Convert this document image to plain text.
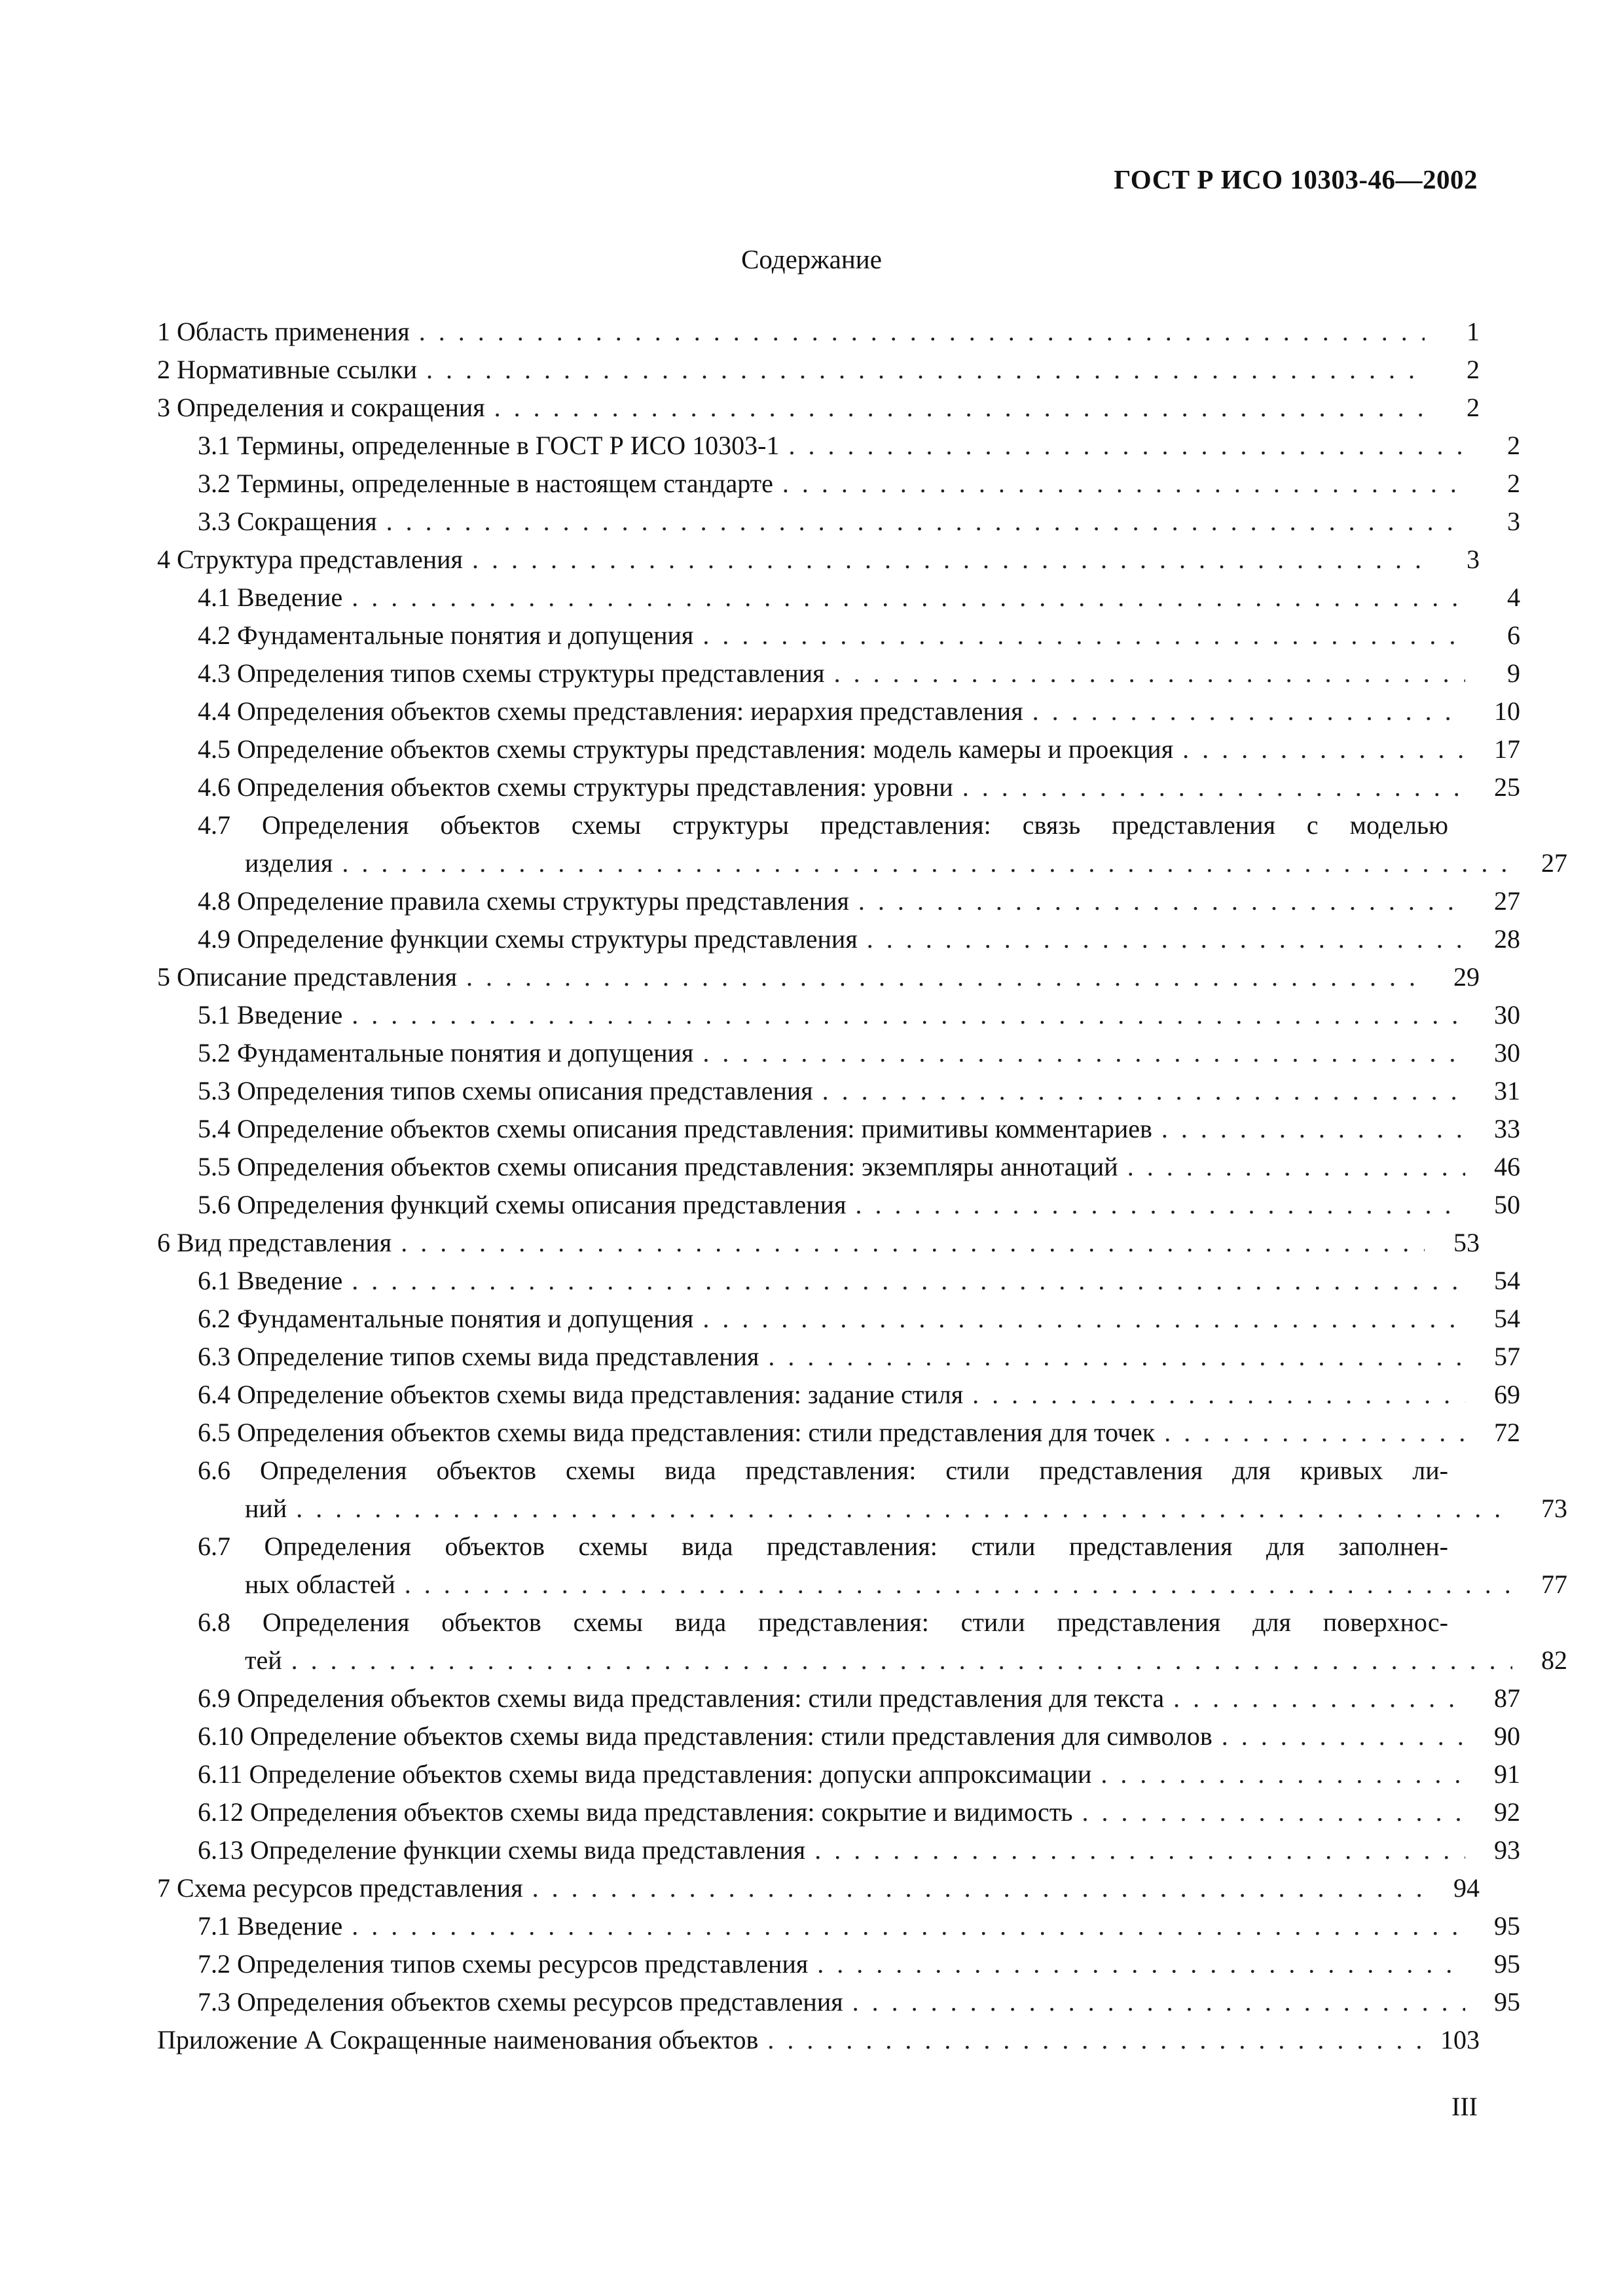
ГОСТ Р ИСО 10303-46—2002
Содержание
1 Область применения . . .	1
2 Нормативные ссылки . . .	2
3 Определения и сокращения . . .	2
3.1 Термины, определенные в ГОСТ Р ИСО 10303-1 . . .	2
3.2 Термины, определенные в настоящем стандарте . . .	2
3.3 Сокращения . . .	3
4 Структура представления . . .	3
4.1 Введение . . .	4
4.2 Фундаментальные понятия и допущения . . .	6
4.3 Определения типов схемы структуры представления . . .	9
4.4 Определения объектов схемы представления: иерархия представления . . .	10
4.5 Определение объектов схемы структуры представления: модель камеры и проекция . . .	17
4.6 Определения объектов схемы структуры представления: уровни . . .	25
4.7 Определения объектов схемы структуры представления: связь представления с моделью
изделия . . .	27
4.8 Определение правила схемы структуры представления . . .	27
4.9 Определение функции схемы структуры представления . . .	28
5 Описание представления . . .	29
5.1 Введение . . .	30
5.2 Фундаментальные понятия и допущения . . .	30
5.3 Определения типов схемы описания представления . . .	31
5.4 Определение объектов схемы описания представления: примитивы комментариев . . .	33
5.5 Определения объектов схемы описания представления: экземпляры аннотаций . . .	46
5.6 Определения функций схемы описания представления . . .	50
6 Вид представления . . .	53
6.1 Введение . . .	54
6.2 Фундаментальные понятия и допущения . . .	54
6.3 Определение типов схемы вида представления . . .	57
6.4 Определение объектов схемы вида представления: задание стиля . . .	69
6.5 Определения объектов схемы вида представления: стили представления для точек . . .	72
6.6 Определения объектов схемы вида представления: стили представления для кривых ли-
ний . . .	73
6.7 Определения объектов схемы вида представления: стили представления для заполнен-
ных областей . . .	77
6.8 Определения объектов схемы вида представления: стили представления для поверхнос-
тей . . .	82
6.9 Определения объектов схемы вида представления: стили представления для текста . . .	87
6.10 Определение объектов схемы вида представления: стили представления для символов . . .	90
6.11 Определение объектов схемы вида представления: допуски аппроксимации . . .	91
6.12 Определения объектов схемы вида представления: сокрытие и видимость . . .	92
6.13 Определение функции схемы вида представления . . .	93
7 Схема ресурсов представления . . .	94
7.1 Введение . . .	95
7.2 Определения типов схемы ресурсов представления . . .	95
7.3 Определения объектов схемы ресурсов представления . . .	95
Приложение А Сокращенные наименования объектов . . .	103
III
